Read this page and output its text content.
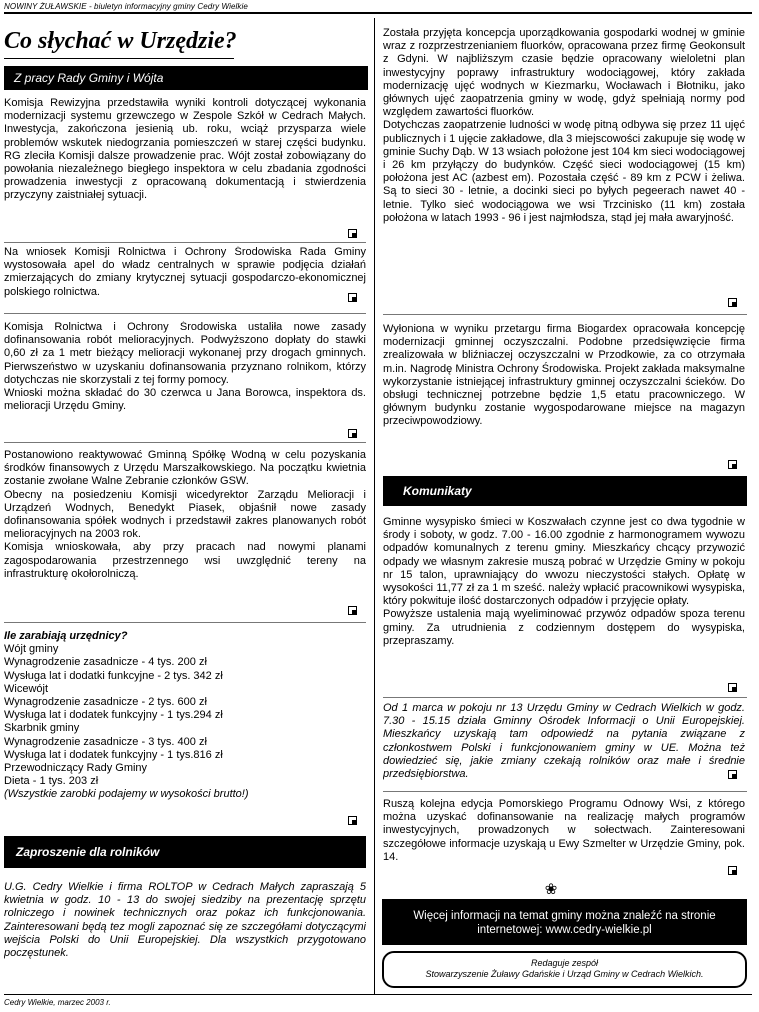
NOWINY ŻUŁAWSKIE - biuletyn informacyjny gminy Cedry Wielkie
Co słychać w Urzędzie?
Z pracy Rady Gminy i Wójta

Komisja Rewizyjna przedstawiła wyniki kontroli dotyczącej wykonania modernizacji systemu grzewczego w Zespole Szkół w Cedrach Małych. Inwestycja, zakończona jesienią ub. roku, wciąż przysparza wiele problemów wskutek niedogrzania pomieszczeń w starej części budynku. RG zleciła Komisji dalsze prowadzenie prac. Wójt został zobowiązany do powołania niezależnego biegłego inspektora w celu zbadania zgodności prowadzenia inwestycji z opracowaną dokumentacją i stwierdzenia przyczyny zaistniałej sytuacji.

Na wniosek Komisji Rolnictwa i Ochrony Środowiska Rada Gminy wystosowała apel do władz centralnych w sprawie podjęcia działań zmierzających do zmiany krytycznej sytuacji gospodarczo-ekonomicznej polskiego rolnictwa.

Komisja Rolnictwa i Ochrony Środowiska ustaliła nowe zasady dofinansowania robót melioracyjnych. Podwyższono dopłaty do stawki 0,60 zł za 1 metr bieżący melioracji wykonanej przy drogach gminnych. Pierwszeństwo w uzyskaniu dofinansowania przyznano rolnikom, którzy dotychczas nie skorzystali z tej formy pomocy.

Wnioski można składać do 30 czerwca u Jana Borowca, inspektora ds. melioracji Urzędu Gminy.

Postanowiono reaktywować Gminną Spółkę Wodną w celu pozyskania środków finansowych z Urzędu Marszałkowskiego. Na początku kwietnia zostanie zwołane Walne Zebranie członków GSW.

Obecny na posiedzeniu Komisji wicedyrektor Zarządu Melioracji i Urządzeń Wodnych, Benedykt Piasek, objaśnił nowe zasady dofinansowania spółek wodnych i przedstawił zakres planowanych robót melioracyjnych na 2003 rok.

Komisja wnioskowała, aby przy pracach nad nowymi planami zagospodarowania przestrzennego wsi uwzględnić tereny na infrastrukturę okołorolniczą.

Ile zarabiają urzędnicy?
Wójt gminy
Wynagrodzenie zasadnicze - 4 tys. 200 zł
Wysługa lat i dodatki funkcyjne - 2 tys. 342 zł
Wicewójt
Wynagrodzenie zasadnicze - 2 tys. 600 zł
Wysługa lat i dodatek funkcyjny - 1 tys.294 zł
Skarbnik gminy
Wynagrodzenie zasadnicze - 3 tys. 400 zł
Wysługa lat i dodatek funkcyjny - 1 tys.816 zł
Przewodniczący Rady Gminy
Dieta - 1 tys. 203 zł
(Wszystkie zarobki podajemy w wysokości brutto!)
Zaproszenie dla rolników

U.G. Cedry Wielkie i firma ROLTOP w Cedrach Małych zapraszają 5 kwietnia w godz. 10 - 13 do swojej siedziby na prezentację sprzętu rolniczego i nowinek technicznych oraz pokaz ich funkcjonowania. Zainteresowani będą tez mogli zapoznać się ze szczegółami dotyczącymi wejścia Polski do Unii Europejskiej. Dla wszystkich przygotowano poczęstunek.

Została przyjęta koncepcja uporządkowania gospodarki wodnej w gminie wraz z rozprzestrzenianiem fluorków, opracowana przez firmę Geokonsult z Gdyni. W najbliższym czasie będzie opracowany wieloletni plan inwestycyjny poprawy infrastruktury wodociągowej, który zakłada modernizację ujęć wodnych w Kiezmarku, Wocławach i Błotniku, jako głównych ujęć zaopatrzenia gminy w wodę, gdyż spełniają normy pod względem zawartości fluorków.

Dotychczas zaopatrzenie ludności w wodę pitną odbywa się przez 11 ujęć publicznych i 1 ujęcie zakładowe, dla 3 miejscowości zakupuje się wodę w gminie Suchy Dąb. W 13 wsiach położone jest 104 km sieci wodociągowej i 26 km przyłączy do budynków. Część sieci wodociągowej (15 km) położona jest AC (azbest em). Pozostała część - 89 km z PCW i żeliwa. Są to sieci 30 - letnie, a docinki sieci po byłych pegeerach nawet 40 - letnie. Tylko sieć wodociągowa we wsi Trzcinisko (11 km) została położona w latach 1993 - 96 i jest najmłodsza, stąd jej mała awaryjność.

Wyłoniona w wyniku przetargu firma Biogardex opracowała koncepcję modernizacji gminnej oczyszczalni. Podobne przedsięwzięcie firma zrealizowała w bliźniaczej oczyszczalni w Przodkowie, za co otrzymała m.in. Nagrodę Ministra Ochrony Środowiska. Projekt zakłada maksymalne wykorzystanie istniejącej infrastruktury gminnej oczyszczalni ścieków. Do obsługi technicznej potrzebne będzie 1,5 etatu pracowniczego. W głównym budynku zostanie wygospodarowane miejsce na magazyn przeciwpowodziowy.

Komunikaty

Gminne wysypisko śmieci w Koszwałach czynne jest co dwa tygodnie w środy i soboty, w godz. 7.00 - 16.00 zgodnie z harmonogramem wywozu odpadów komunalnych z terenu gminy. Mieszkańcy chcący przywozić odpady we własnym zakresie muszą pobrać w Urzędzie Gminy w pokoju nr 15 talon, uprawniający do wwozu nieczystości stałych. Opłatę w wysokości 11,77 zł za 1 m sześć. należy wpłacić pracownikowi wysypiska, który pokwituje ilość dostarczonych odpadów i przyjęcie opłaty.

Powyższe ustalenia mają wyeliminować przywóz odpadów spoza terenu gminy. Za utrudnienia z codziennym dostępem do wysypiska, przepraszamy.

Od 1 marca w pokoju nr 13 Urzędu Gminy w Cedrach Wielkich w godz. 7.30 - 15.15 działa Gminny Ośrodek Informacji o Unii Europejskiej. Mieszkańcy uzyskają tam odpowiedź na pytania związane z członkostwem Polski i funkcjonowaniem gminy w UE. Można też dowiedzieć się, jakie zmiany czekają rolników oraz małe i średnie przedsiębiorstwa.

Ruszą kolejna edycja Pomorskiego Programu Odnowy Wsi, z którego można uzyskać dofinansowanie na realizację małych programów inwestycyjnych, prowadzonych w sołectwach. Zainteresowani szczegółowe informacje uzyskają u Ewy Szmelter w Urzędzie Gminy, pok. 14.

❀
Więcej informacji na temat gminy można znaleźć na stronie
internetowej: www.cedry-wielkie.pl
Redaguje zespół
Stowarzyszenie Żuławy Gdańskie i Urząd Gminy w Cedrach Wielkich.
Cedry Wielkie, marzec 2003 r.
